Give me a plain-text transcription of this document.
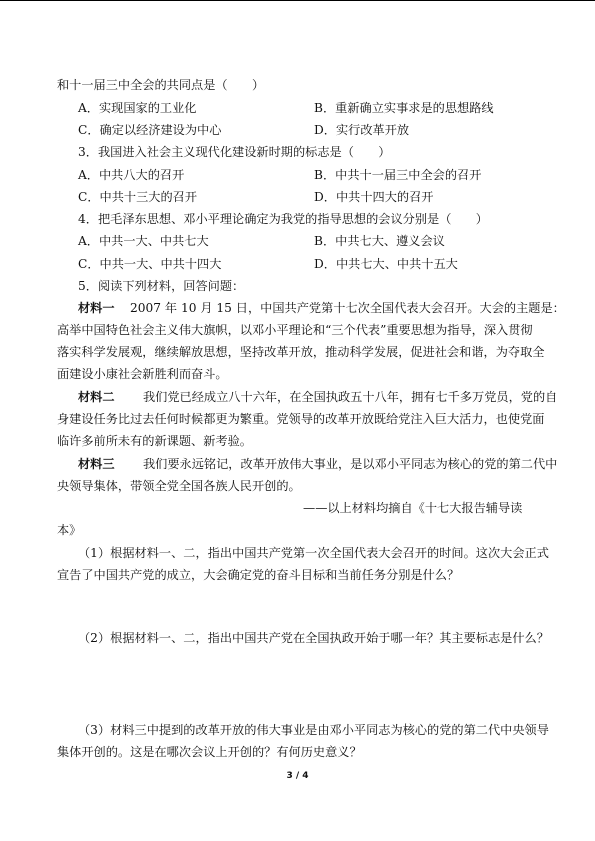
和十一届三中全会的共同点是（　　）
A．实现国家的工业化	B．重新确立实事求是的思想路线
C．确定以经济建设为中心	D．实行改革开放
3．我国进入社会主义现代化建设新时期的标志是（　　）
A．中共八大的召开	B．中共十一届三中全会的召开
C．中共十三大的召开	D．中共十四大的召开
4．把毛泽东思想、邓小平理论确定为我党的指导思想的会议分别是（　　）
A．中共一大、中共七大	B．中共七大、遵义会议
C．中共一大、中共十四大	D．中共七大、中共十五大
5．阅读下列材料，回答问题：
材料一 2007 年 10 月 15 日，中国共产党第十七次全国代表大会召开。大会的主题是：
高举中国特色社会主义伟大旗帜，以邓小平理论和“三个代表”重要思想为指导，深入贯彻
落实科学发展观，继续解放思想，坚持改革开放，推动科学发展，促进社会和谐，为夺取全
面建设小康社会新胜利而奋斗。
材料二 我们党已经成立八十六年，在全国执政五十八年，拥有七千多万党员，党的自
身建设任务比过去任何时候都更为繁重。党领导的改革开放既给党注入巨大活力，也使党面
临许多前所未有的新课题、新考验。
材料三 我们要永远铭记，改革开放伟大事业，是以邓小平同志为核心的党的第二代中
央领导集体，带领全党全国各族人民开创的。
——以上材料均摘自《十七大报告辅导读
本》
（1）根据材料一、二，指出中国共产党第一次全国代表大会召开的时间。这次大会正式
宣告了中国共产党的成立，大会确定党的奋斗目标和当前任务分别是什么？
（2）根据材料一、二，指出中国共产党在全国执政开始于哪一年？其主要标志是什么？
（3）材料三中提到的改革开放的伟大事业是由邓小平同志为核心的党的第二代中央领导
集体开创的。这是在哪次会议上开创的？有何历史意义？
3 / 4
